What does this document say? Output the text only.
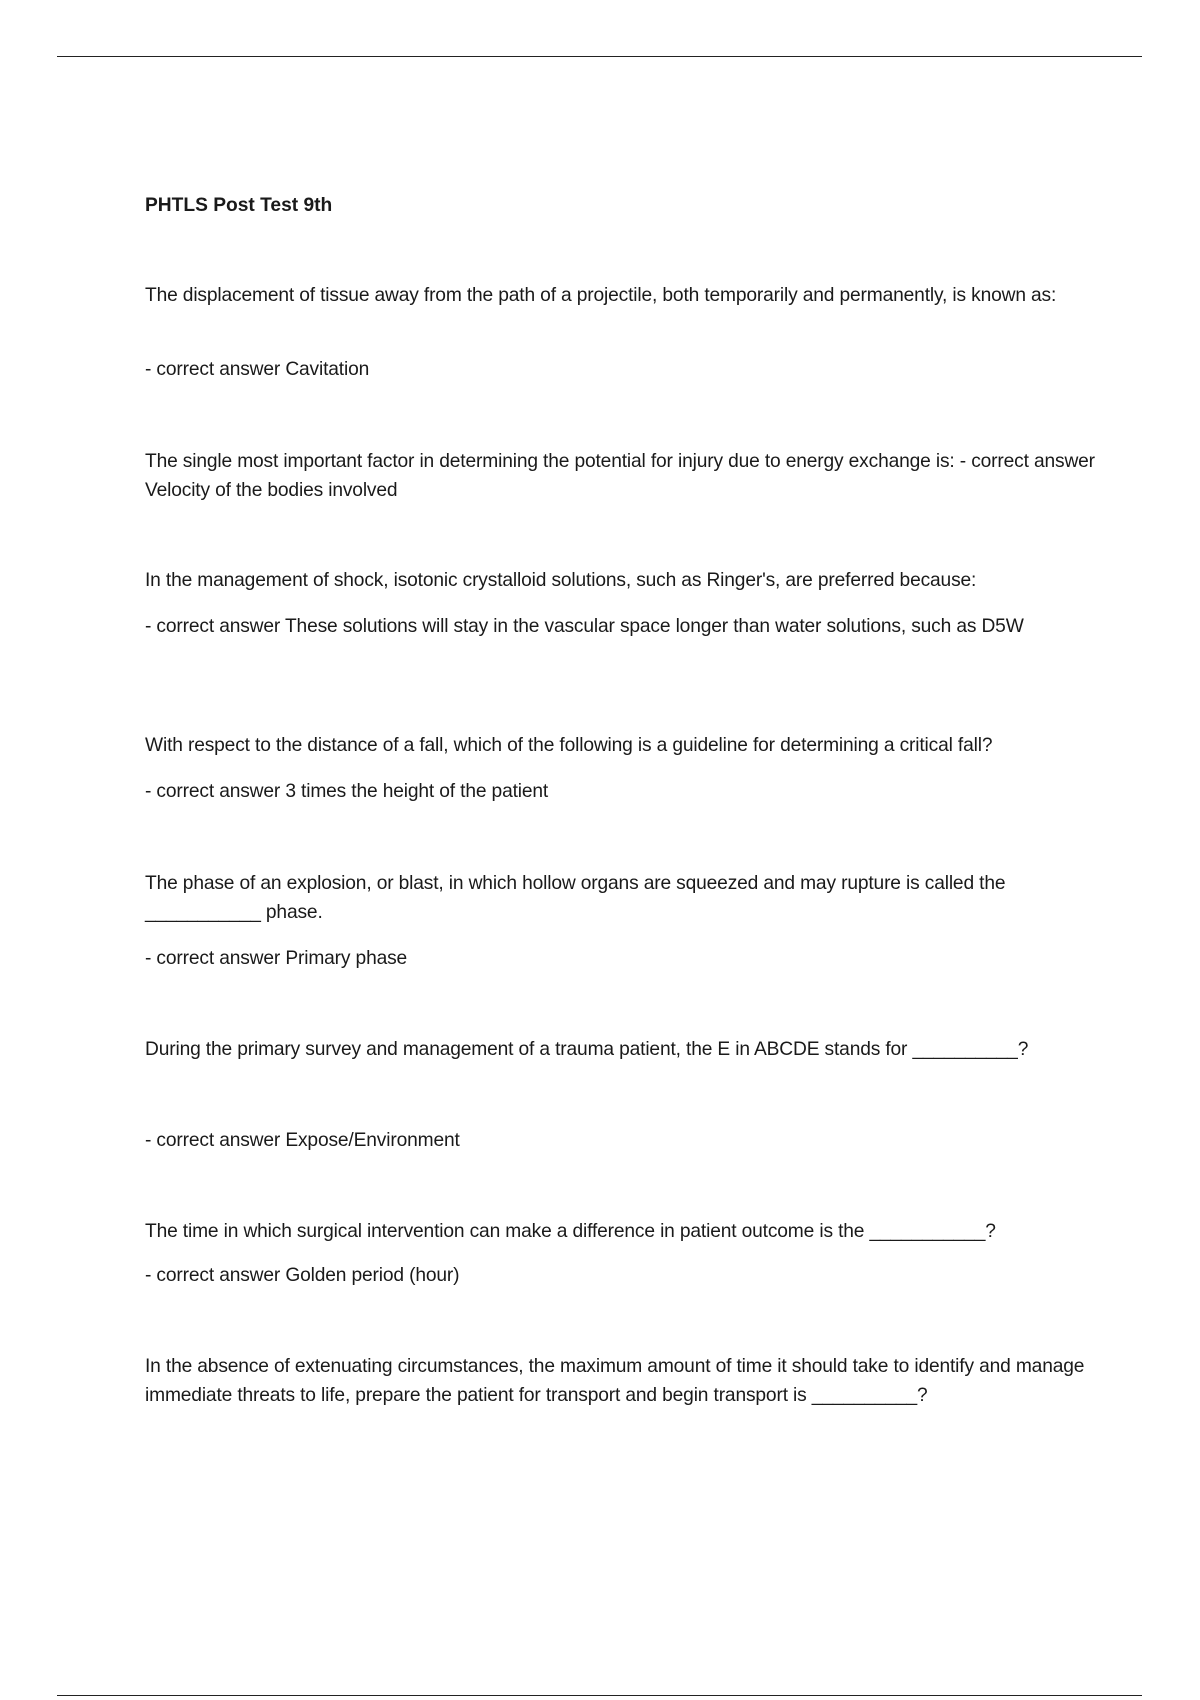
PHTLS Post Test 9th
The displacement of tissue away from the path of a projectile, both temporarily and permanently, is known as:
- correct answer Cavitation
The single most important factor in determining the potential for injury due to energy exchange is: - correct answer Velocity of the bodies involved
In the management of shock, isotonic crystalloid solutions, such as Ringer's, are preferred because:
- correct answer These solutions will stay in the vascular space longer than water solutions, such as D5W
With respect to the distance of a fall, which of the following is a guideline for determining a critical fall?
- correct answer 3 times the height of the patient
The phase of an explosion, or blast, in which hollow organs are squeezed and may rupture is called the ___________ phase.
- correct answer Primary phase
During the primary survey and management of a trauma patient, the E in ABCDE stands for __________?
- correct answer Expose/Environment
The time in which surgical intervention can make a difference in patient outcome is the ___________?
- correct answer Golden period (hour)
In the absence of extenuating circumstances, the maximum amount of time it should take to identify and manage immediate threats to life, prepare the patient for transport and begin transport is __________?
